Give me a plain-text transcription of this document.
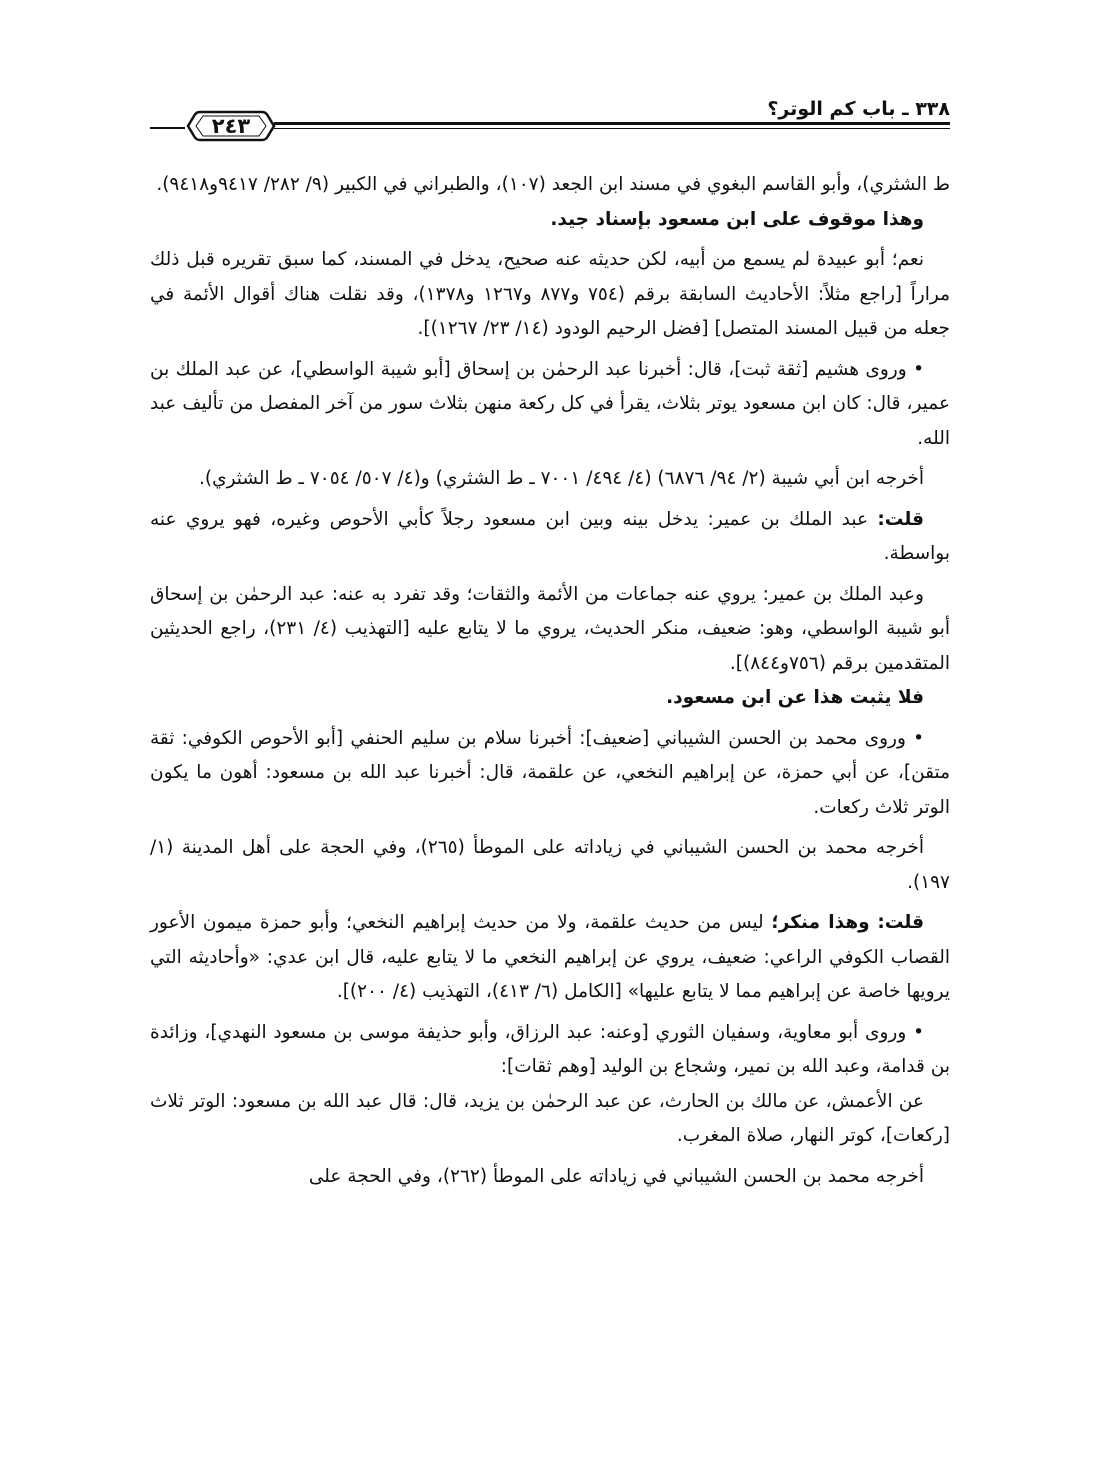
٣٣٨ ـ باب كم الوتر؟
٢٤٣

ط الشثري)، وأبو القاسم البغوي في مسند ابن الجعد (١٠٧)، والطبراني في الكبير (٩/ ٢٨٢/ ٩٤١٧و٩٤١٨).

وهذا موقوف على ابن مسعود بإسناد جيد.

نعم؛ أبو عبيدة لم يسمع من أبيه، لكن حديثه عنه صحيح، يدخل في المسند، كما سبق تقريره قبل ذلك مراراً [راجع مثلاً: الأحاديث السابقة برقم (٧٥٤ و٨٧٧ و١٢٦٧ و١٣٧٨)، وقد نقلت هناك أقوال الأئمة في جعله من قبيل المسند المتصل] [فضل الرحيم الودود (١٤/ ٢٣/ ١٢٦٧)].

• وروى هشيم [ثقة ثبت]، قال: أخبرنا عبد الرحمٰن بن إسحاق [أبو شيبة الواسطي]، عن عبد الملك بن عمير، قال: كان ابن مسعود يوتر بثلاث، يقرأ في كل ركعة منهن بثلاث سور من آخر المفصل من تأليف عبد الله.

أخرجه ابن أبي شيبة (٢/ ٩٤/ ٦٨٧٦) (٤/ ٤٩٤/ ٧٠٠١ ـ ط الشثري) و(٤/ ٥٠٧/ ٧٠٥٤ ـ ط الشثري).

قلت: عبد الملك بن عمير: يدخل بينه وبين ابن مسعود رجلاً كأبي الأحوص وغيره، فهو يروي عنه بواسطة.

وعبد الملك بن عمير: يروي عنه جماعات من الأئمة والثقات؛ وقد تفرد به عنه: عبد الرحمٰن بن إسحاق أبو شيبة الواسطي، وهو: ضعيف، منكر الحديث، يروي ما لا يتابع عليه [التهذيب (٤/ ٢٣١)، راجع الحديثين المتقدمين برقم (٧٥٦و٨٤٤)].

فلا يثبت هذا عن ابن مسعود.

• وروى محمد بن الحسن الشيباني [ضعيف]: أخبرنا سلام بن سليم الحنفي [أبو الأحوص الكوفي: ثقة متقن]، عن أبي حمزة، عن إبراهيم النخعي، عن علقمة، قال: أخبرنا عبد الله بن مسعود: أهون ما يكون الوتر ثلاث ركعات.

أخرجه محمد بن الحسن الشيباني في زياداته على الموطأ (٢٦٥)، وفي الحجة على أهل المدينة (١/ ١٩٧).

قلت: وهذا منكر؛ ليس من حديث علقمة، ولا من حديث إبراهيم النخعي؛ وأبو حمزة ميمون الأعور القصاب الكوفي الراعي: ضعيف، يروي عن إبراهيم النخعي ما لا يتابع عليه، قال ابن عدي: «وأحاديثه التي يرويها خاصة عن إبراهيم مما لا يتابع عليها» [الكامل (٦/ ٤١٣)، التهذيب (٤/ ٢٠٠)].

• وروى أبو معاوية، وسفيان الثوري [وعنه: عبد الرزاق، وأبو حذيفة موسى بن مسعود النهدي]، وزائدة بن قدامة، وعبد الله بن نمير، وشجاع بن الوليد [وهم ثقات]:

عن الأعمش، عن مالك بن الحارث، عن عبد الرحمٰن بن يزيد، قال: قال عبد الله بن مسعود: الوتر ثلاث [ركعات]، كوتر النهار، صلاة المغرب.

أخرجه محمد بن الحسن الشيباني في زياداته على الموطأ (٢٦٢)، وفي الحجة على
